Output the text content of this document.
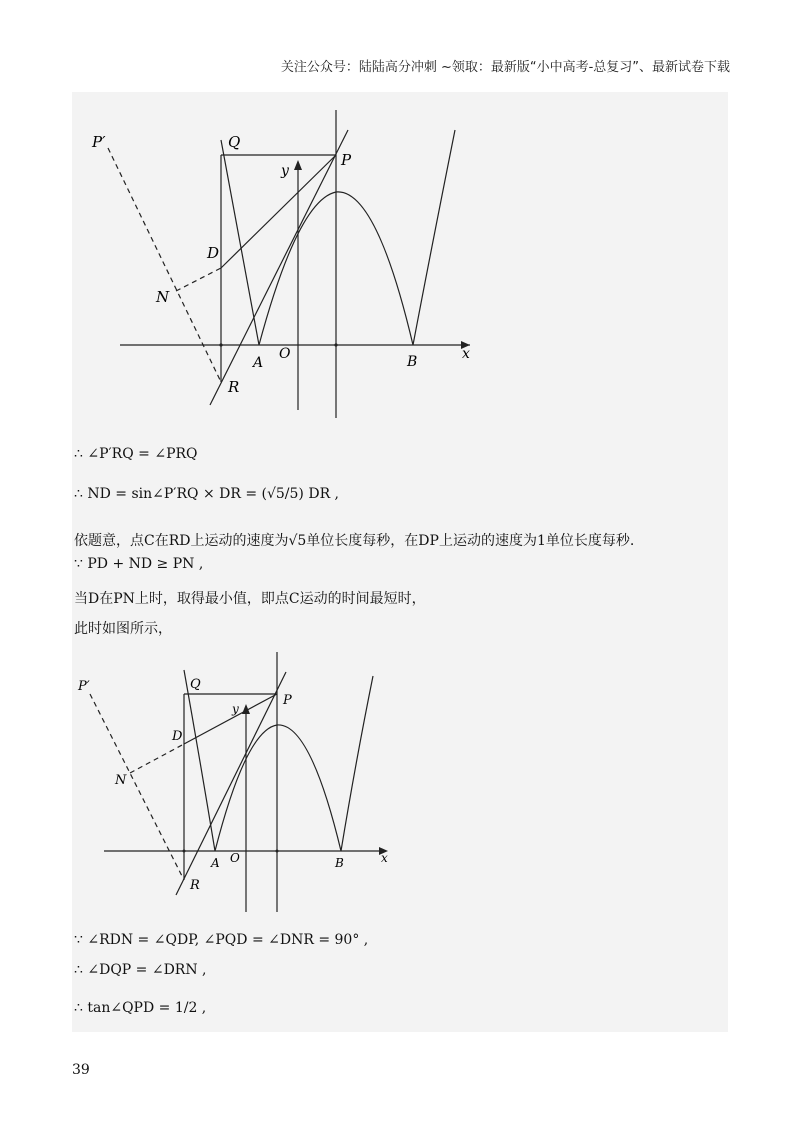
关注公众号：陆陆高分冲刺 ~领取：最新版“小中高考-总复习”、最新试卷下载
P′	Q
P
y
D
N
A
O	B	x
R
∴ ∠P′RQ = ∠PRQ
∴ ND = sin∠P′RQ × DR = (√5/5) DR ,
依题意，点C在RD上运动的速度为√5单位长度每秒，在DP上运动的速度为1单位长度每秒.
∵ PD + ND ≥ PN ,
当D在PN上时，取得最小值，即点C运动的时间最短时，
此时如图所示，
P′	Q
P
y
D
N
A O	B	x
R
∵ ∠RDN = ∠QDP, ∠PQD = ∠DNR = 90° ,
∴ ∠DQP = ∠DRN ,
∴ tan∠QPD = 1/2 ,
39
